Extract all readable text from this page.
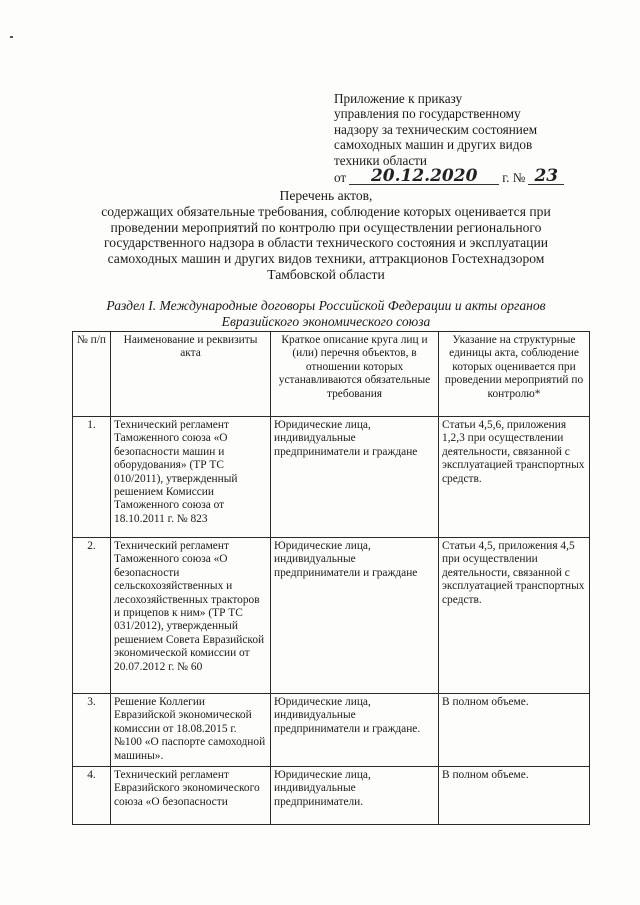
Приложение к приказу
управления по государственному
надзору за техническим состоянием
самоходных машин и других видов
техники области
от	20.12.2020	г. № 23
Перечень актов,
содержащих обязательные требования, соблюдение которых оценивается при
проведении мероприятий по контролю при осуществлении регионального
государственного надзора в области технического состояния и эксплуатации
самоходных машин и других видов техники, аттракционов Гостехнадзором
Тамбовской области
Раздел I. Международные договоры Российской Федерации и акты органов
Евразийского экономического союза
№ п/п	Наименование и реквизиты акта	Краткое описание круга лиц и (или) перечня объектов, в отношении которых устанавливаются обязательные требования	Указание на структурные единицы акта, соблюдение которых оценивается при проведении мероприятий по контролю*
1.	Технический регламент Таможенного союза «О безопасности машин и оборудования» (ТР ТС 010/2011), утвержденный решением Комиссии Таможенного союза от 18.10.2011 г. № 823	Юридические лица, индивидуальные предприниматели и граждане	Статьи 4,5,6, приложения 1,2,3 при осуществлении деятельности, связанной с эксплуатацией транспортных средств.
2.	Технический регламент Таможенного союза «О безопасности сельскохозяйственных и лесохозяйственных тракторов и прицепов к ним» (ТР ТС 031/2012), утвержденный решением Совета Евразийской экономической комиссии от 20.07.2012 г. № 60	Юридические лица, индивидуальные предприниматели и граждане	Статьи 4,5, приложения 4,5 при осуществлении деятельности, связанной с эксплуатацией транспортных средств.
3.	Решение Коллегии Евразийской экономической комиссии от 18.08.2015 г. №100 «О паспорте самоходной машины».	Юридические лица, индивидуальные предприниматели и граждане.	В полном объеме.
4.	Технический регламент Евразийского экономического союза «О безопасности	Юридические лица, индивидуальные предприниматели.	В полном объеме.
